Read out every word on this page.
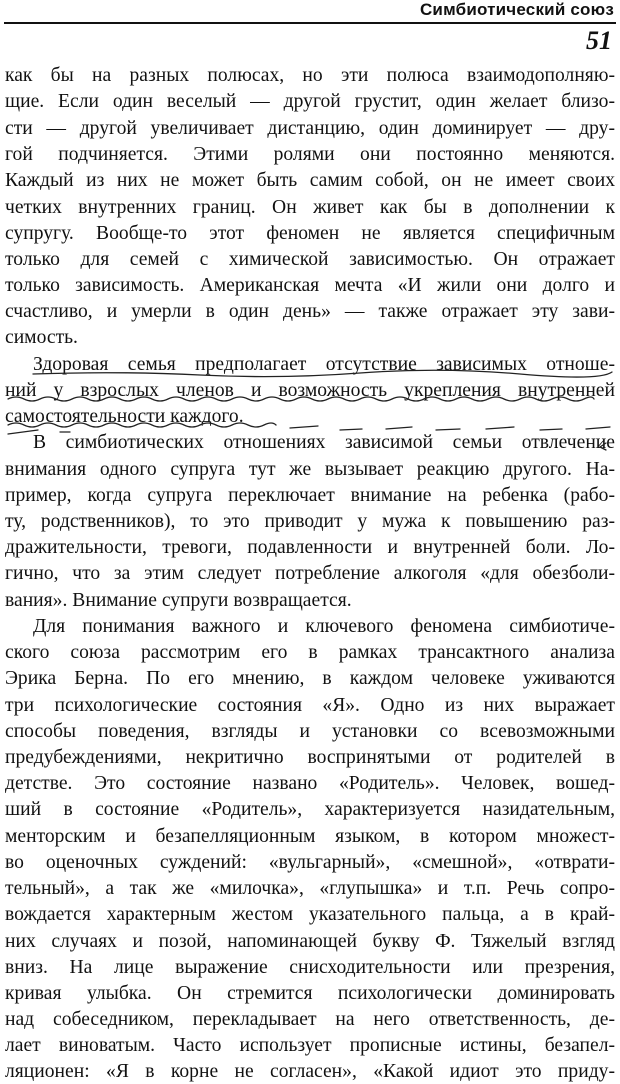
Симбиотический союз
51
как бы на разных полюсах, но эти полюса взаимодополняю-
щие. Если один веселый — другой грустит, один желает близо-
сти — другой увеличивает дистанцию, один доминирует — дру-
гой подчиняется. Этими ролями они постоянно меняются.
Каждый из них не может быть самим собой, он не имеет своих
четких внутренних границ. Он живет как бы в дополнении к
супругу. Вообще-то этот феномен не является специфичным
только для семей с химической зависимостью. Он отражает
только зависимость. Американская мечта «И жили они долго и
счастливо, и умерли в один день» — также отражает эту зави-
симость.
Здоровая семья предполагает отсутствие зависимых отноше-
ний у взрослых членов и возможность укрепления внутренней
самостоятельности каждого.
В симбиотических отношениях зависимой семьи отвлечение
внимания одного супруга тут же вызывает реакцию другого. На-
пример, когда супруга переключает внимание на ребенка (рабо-
ту, родственников), то это приводит у мужа к повышению раз-
дражительности, тревоги, подавленности и внутренней боли. Ло-
гично, что за этим следует потребление алкоголя «для обезболи-
вания». Внимание супруги возвращается.
Для понимания важного и ключевого феномена симбиотиче-
ского союза рассмотрим его в рамках трансактного анализа
Эрика Берна. По его мнению, в каждом человеке уживаются
три психологические состояния «Я». Одно из них выражает
способы поведения, взгляды и установки со всевозможными
предубеждениями, некритично воспринятыми от родителей в
детстве. Это состояние названо «Родитель». Человек, вошед-
ший в состояние «Родитель», характеризуется назидательным,
менторским и безапелляционным языком, в котором множест-
во оценочных суждений: «вульгарный», «смешной», «отврати-
тельный», а так же «милочка», «глупышка» и т.п. Речь сопро-
вождается характерным жестом указательного пальца, а в край-
них случаях и позой, напоминающей букву Ф. Тяжелый взгляд
вниз. На лице выражение снисходительности или презрения,
кривая улыбка. Он стремится психологически доминировать
над собеседником, перекладывает на него ответственность, де-
лает виноватым. Часто использует прописные истины, безапел-
ляционен: «Я в корне не согласен», «Какой идиот это приду-
